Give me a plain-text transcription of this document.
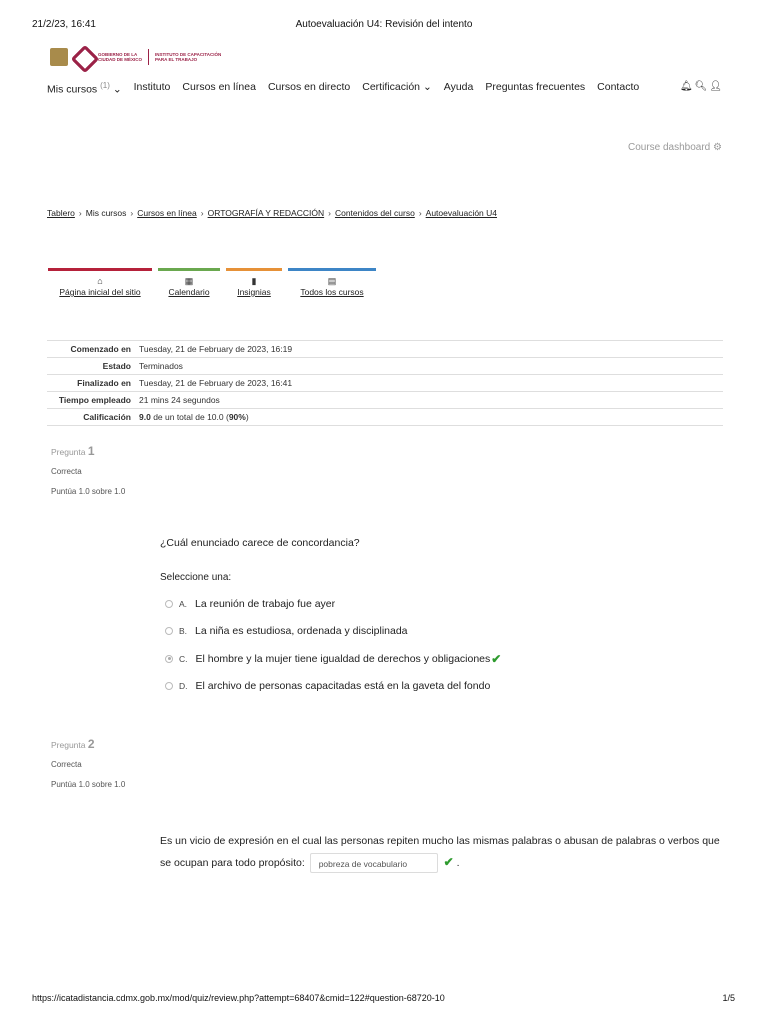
21/2/23, 16:41	Autoevaluación U4: Revisión del intento
GOBIERNO DE LA
CIUDAD DE MÉXICO
INSTITUTO DE CAPACITACIÓN
PARA EL TRABAJO
Mis cursos $^{(1)}$ ⌄ Instituto Cursos en línea Cursos en directo Certificación ⌄ Ayuda Preguntas frecuentes Contacto	🔔︎ 🔍︎ 👤︎
Course dashboard ⚙︎
Tablero › Mis cursos › Cursos en línea › ORTOGRAFÍA Y REDACCIÓN › Contenidos del curso › Autoevaluación U4
⌂
Página inicial del sitio
▦
Calendario
▮
Insignias
▤
Todos los cursos
Comenzado en	Tuesday, 21 de February de 2023, 16:19
Estado	Terminados
Finalizado en	Tuesday, 21 de February de 2023, 16:41
Tiempo empleado	21 mins 24 segundos
Calificación	9.0 de un total de 10.0 (90%)
Pregunta 1
Correcta
Puntúa 1.0 sobre 1.0
¿Cuál enunciado carece de concordancia?
Seleccione una:
A. La reunión de trabajo fue ayer
B. La niña es estudiosa, ordenada y disciplinada
C. El hombre y la mujer tiene igualdad de derechos y obligaciones ✔
D. El archivo de personas capacitadas está en la gaveta del fondo
Pregunta 2
Correcta
Puntúa 1.0 sobre 1.0
Es un vicio de expresión en el cual las personas repiten mucho las mismas palabras o abusan de palabras o verbos que se ocupan para todo propósito: pobreza de vocabulario	✔ .
https://icatadistancia.cdmx.gob.mx/mod/quiz/review.php?attempt=68407&cmid=122#question-68720-10	1/5
